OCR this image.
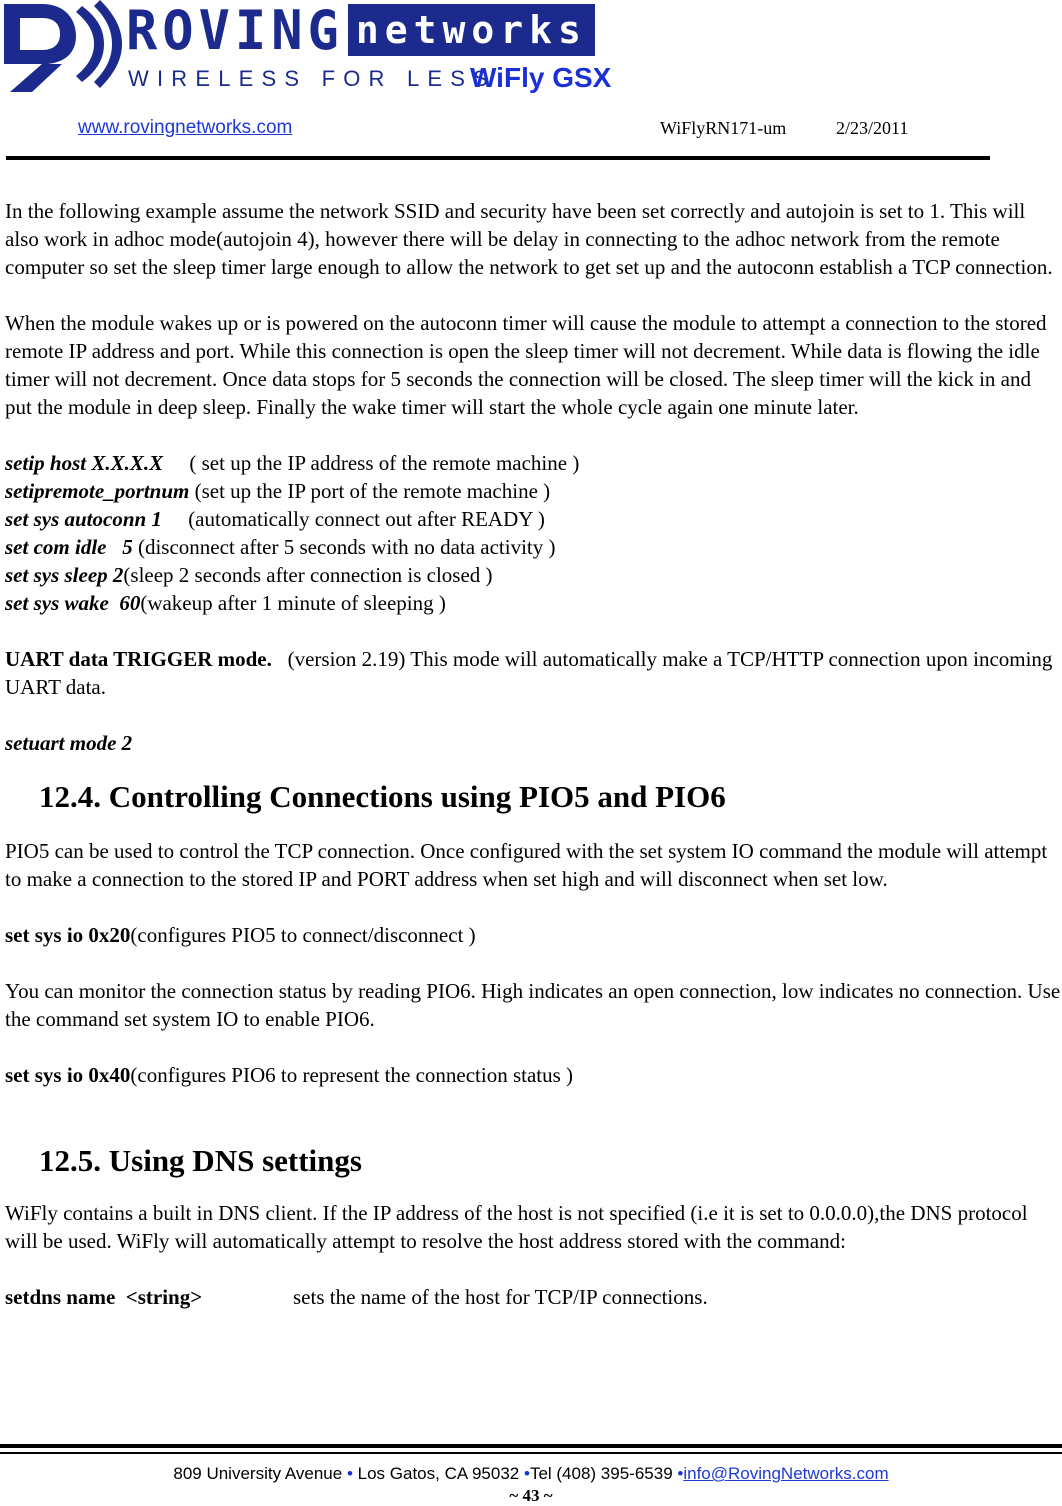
ROVING networks
WIRELESS FOR LESS
WiFly GSX
www.rovingnetworks.com	WiFlyRN171-um	2/23/2011

In the following example assume the network SSID and security have been set correctly and autojoin is set to 1. This will also work in adhoc mode(autojoin 4), however there will be delay in connecting to the adhoc network from the remote computer so set the sleep timer large enough to allow the network to get set up and the autoconn establish a TCP connection.

When the module wakes up or is powered on the autoconn timer will cause the module to attempt a connection to the stored remote IP address and port. While this connection is open the sleep timer will not decrement. While data is flowing the idle timer will not decrement. Once data stops for 5 seconds the connection will be closed. The sleep timer will the kick in and put the module in deep sleep. Finally the wake timer will start the whole cycle again one minute later.

setip host X.X.X.X     ( set up the IP address of the remote machine )

setipremote_portnum (set up the IP port of the remote machine )

set sys autoconn 1     (automatically connect out after READY )

set com idle   5 (disconnect after 5 seconds with no data activity )

set sys sleep 2(sleep 2 seconds after connection is closed )

set sys wake  60(wakeup after 1 minute of sleeping )

UART data TRIGGER mode.   (version 2.19) This mode will automatically make a TCP/HTTP connection upon incoming UART data.

setuart mode 2

12.4. Controlling Connections using PIO5 and PIO6

PIO5 can be used to control the TCP connection. Once configured with the set system IO command the module will attempt to make a connection to the stored IP and PORT address when set high and will disconnect when set low.

set sys io 0x20(configures PIO5 to connect/disconnect )

You can monitor the connection status by reading PIO6. High indicates an open connection, low indicates no connection. Use the command set system IO to enable PIO6.

set sys io 0x40(configures PIO6 to represent the connection status )

12.5. Using DNS settings

WiFly contains a built in DNS client. If the IP address of the host is not specified (i.e it is set to 0.0.0.0),the DNS protocol will be used. WiFly will automatically attempt to resolve the host address stored with the command:

setdns name  <string>	sets the name of the host for TCP/IP connections.

809 University Avenue • Los Gatos, CA 95032 •Tel (408) 395-6539 •info@RovingNetworks.com
~ 43 ~
